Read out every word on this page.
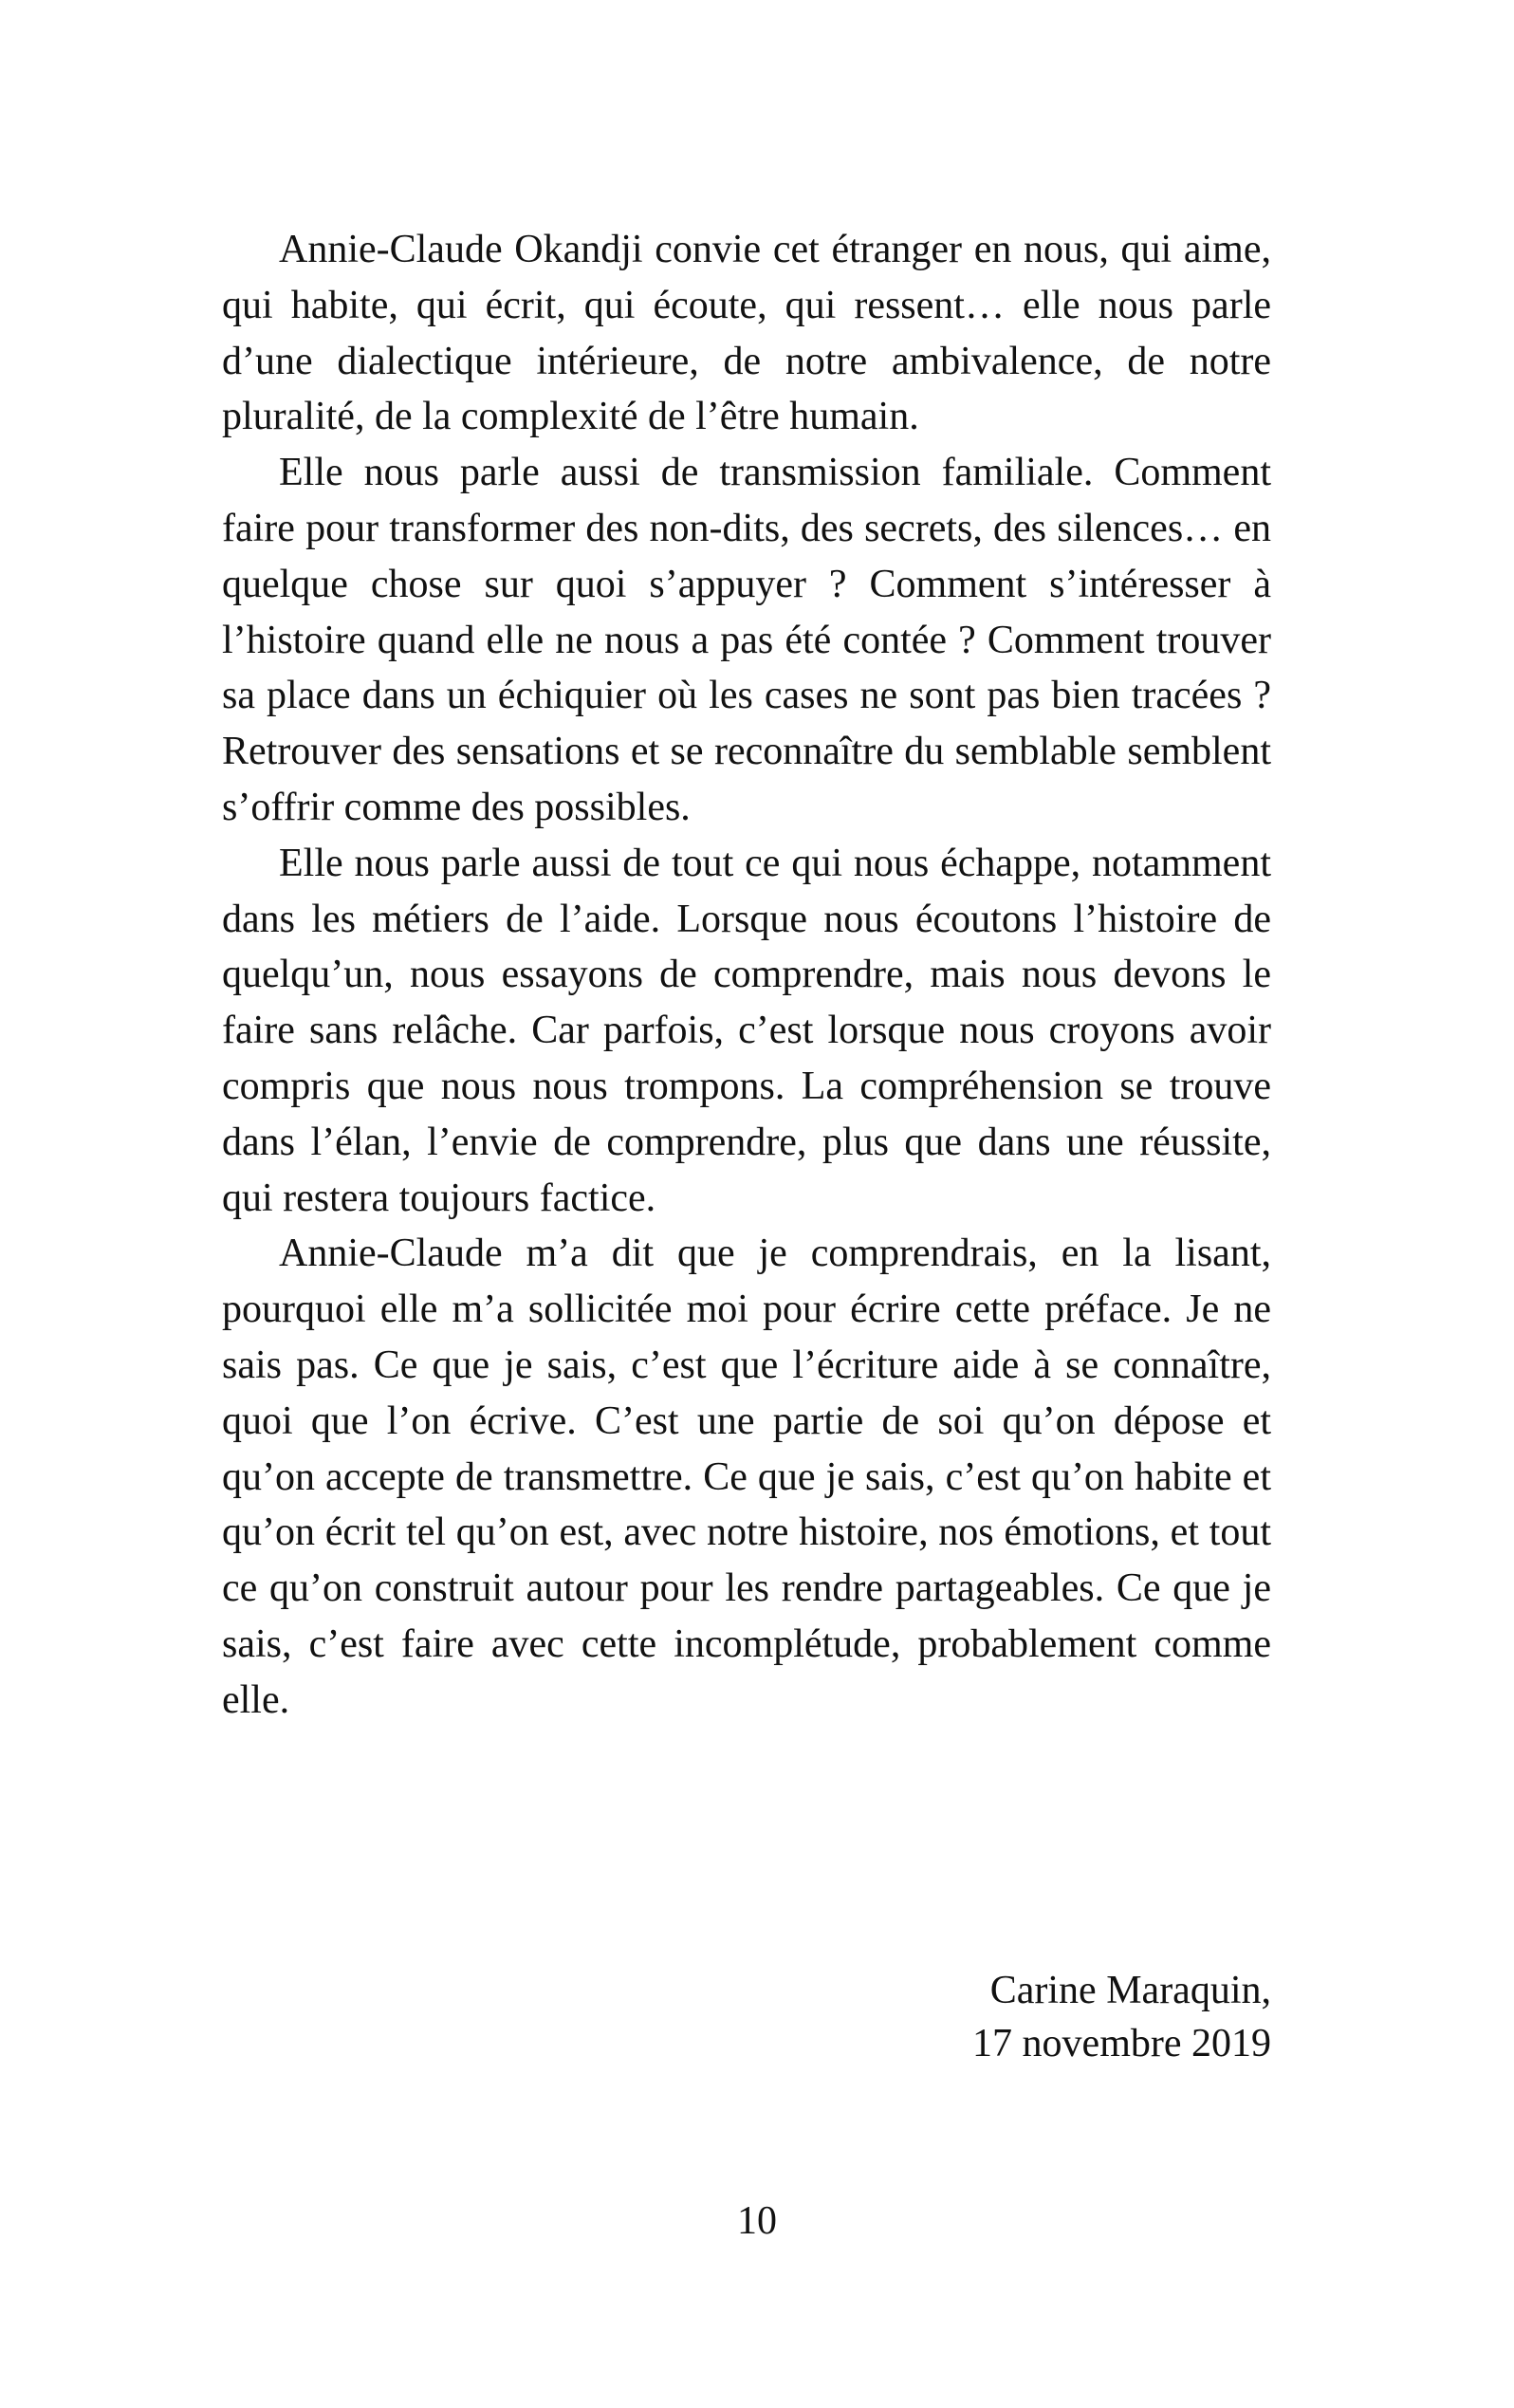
Annie-Claude Okandji convie cet étranger en nous, qui aime, qui habite, qui écrit, qui écoute, qui ressent… elle nous parle d’une dialectique intérieure, de notre ambivalence, de notre pluralité, de la complexité de l’être humain.

Elle nous parle aussi de transmission familiale. Comment faire pour transformer des non-dits, des secrets, des silences… en quelque chose sur quoi s’appuyer ? Comment s’intéresser à l’histoire quand elle ne nous a pas été contée ? Comment trouver sa place dans un échiquier où les cases ne sont pas bien tracées ? Retrouver des sensations et se reconnaître du semblable semblent s’offrir comme des possibles.

Elle nous parle aussi de tout ce qui nous échappe, notamment dans les métiers de l’aide. Lorsque nous écoutons l’histoire de quelqu’un, nous essayons de comprendre, mais nous devons le faire sans relâche. Car parfois, c’est lorsque nous croyons avoir compris que nous nous trompons. La compréhension se trouve dans l’élan, l’envie de comprendre, plus que dans une réussite, qui restera toujours factice.

Annie-Claude m’a dit que je comprendrais, en la lisant, pourquoi elle m’a sollicitée moi pour écrire cette préface. Je ne sais pas. Ce que je sais, c’est que l’écriture aide à se connaître, quoi que l’on écrive. C’est une partie de soi qu’on dépose et qu’on accepte de transmettre. Ce que je sais, c’est qu’on habite et qu’on écrit tel qu’on est, avec notre histoire, nos émotions, et tout ce qu’on construit autour pour les rendre partageables. Ce que je sais, c’est faire avec cette incomplétude, probablement comme elle.

Carine Maraquin,
17 novembre 2019
10
